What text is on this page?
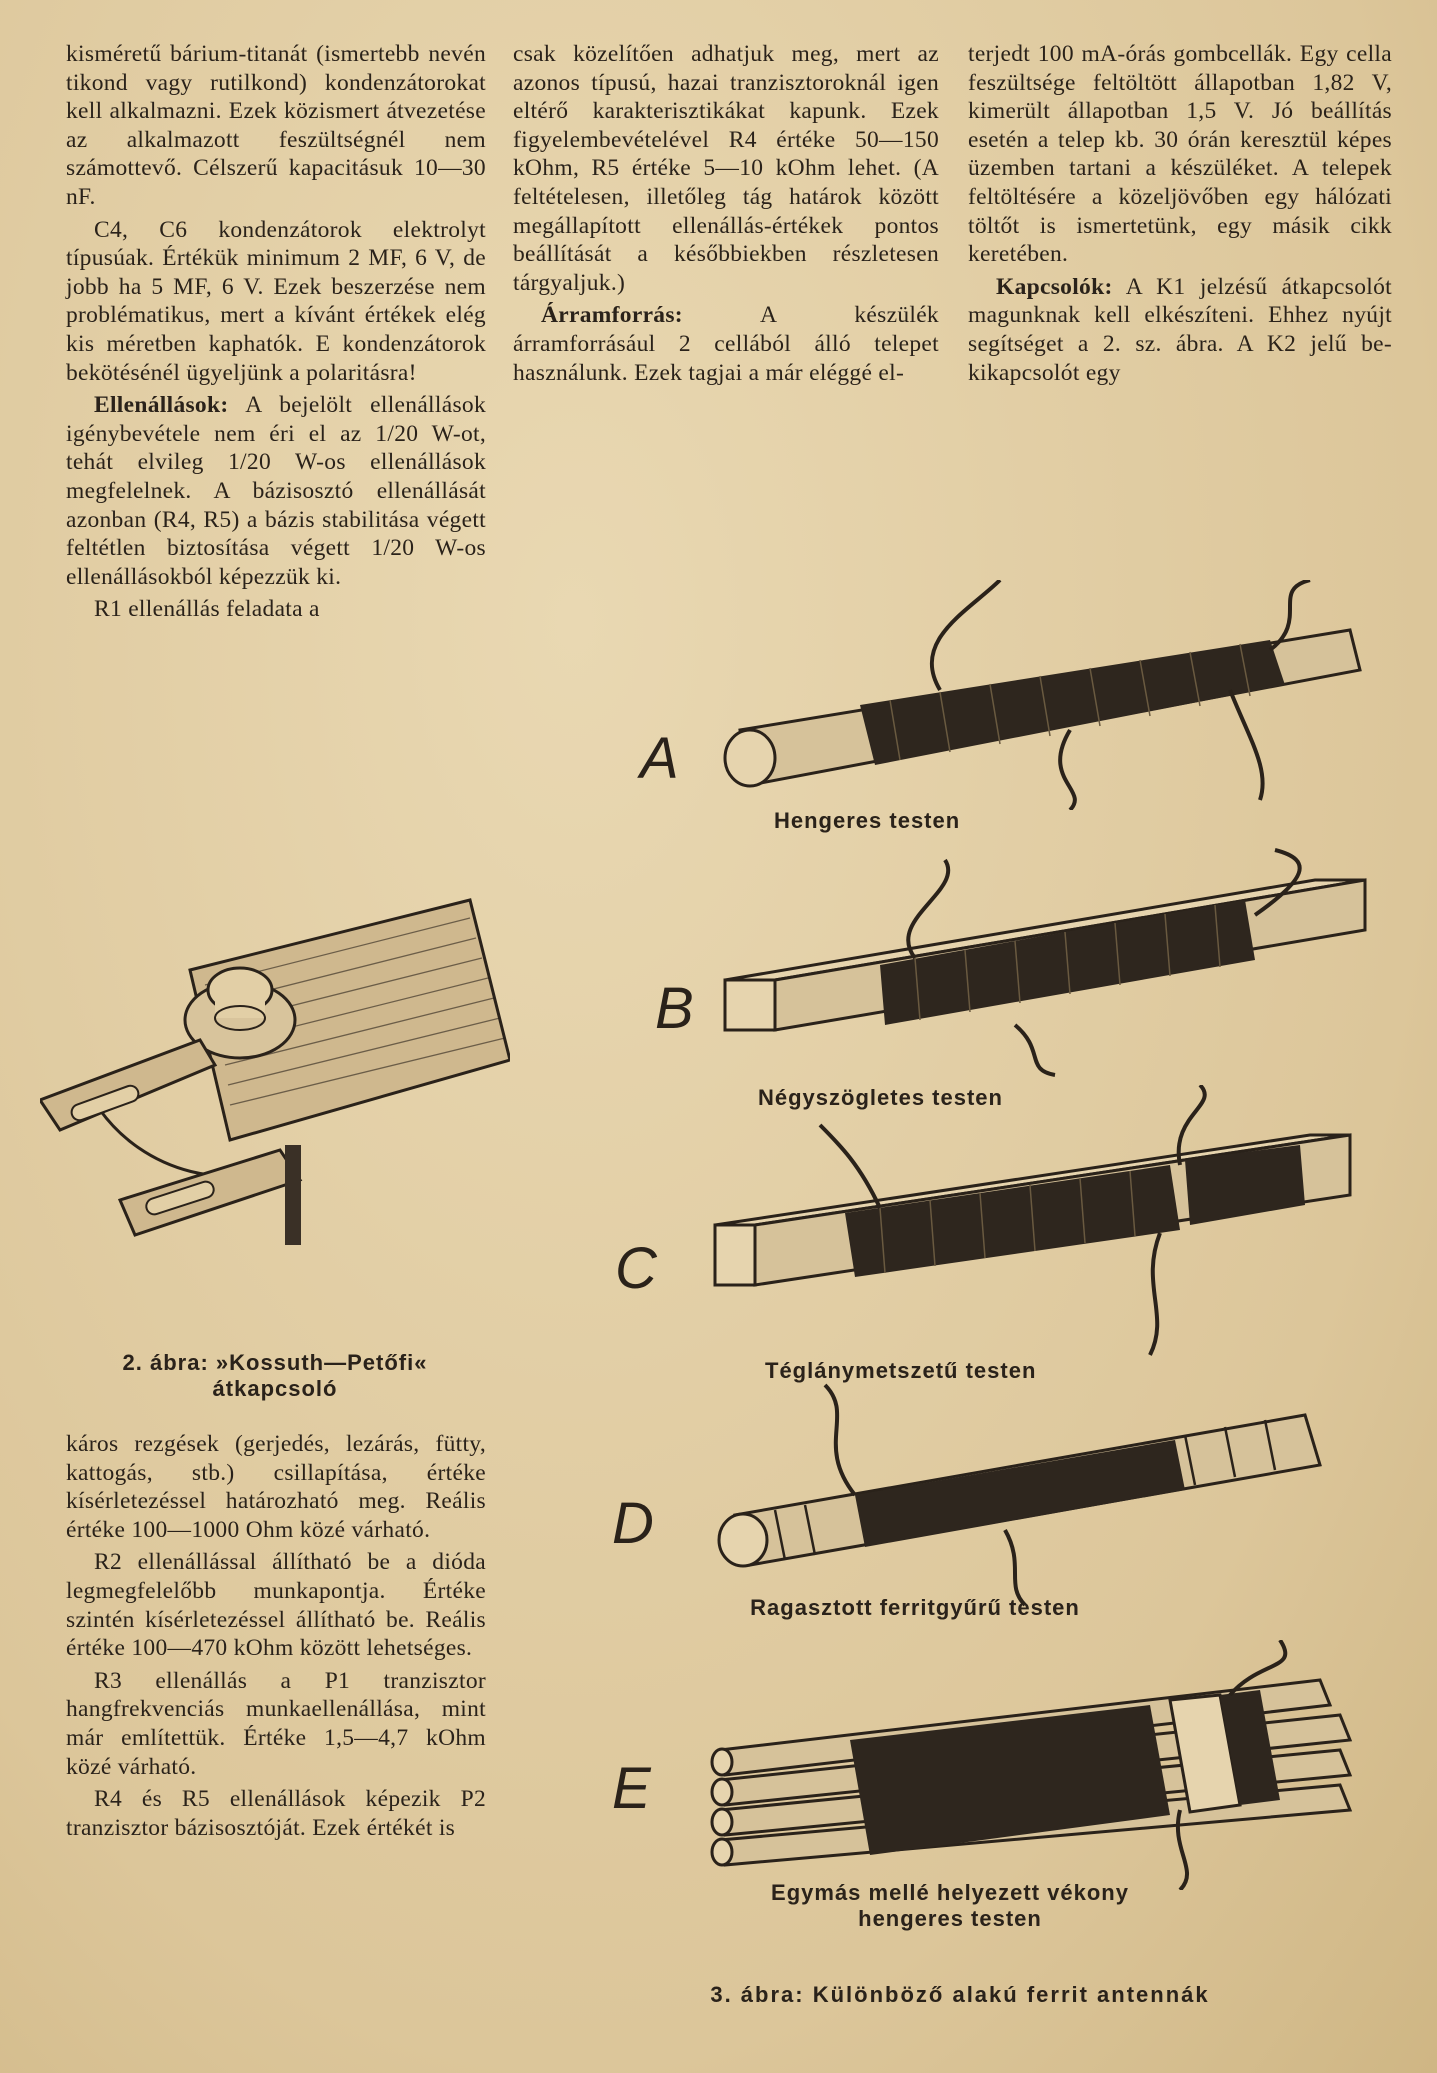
kisméretű bárium-titanát (ismertebb nevén tikond vagy rutilkond) kondenzátorokat kell alkalmazni. Ezek közismert átvezetése az alkalmazott feszültségnél nem számottevő. Célszerű kapacitásuk 10—30 nF.

C4, C6 kondenzátorok elektrolyt típusúak. Értékük minimum 2 MF, 6 V, de jobb ha 5 MF, 6 V. Ezek beszerzése nem problématikus, mert a kívánt értékek elég kis méretben kaphatók. E kondenzátorok bekötésénél ügyeljünk a polaritásra!

Ellenállások: A bejelölt ellenállások igénybevétele nem éri el az 1/20 W-ot, tehát elvileg 1/20 W-os ellenállások megfelelnek. A bázisosztó ellenállását azonban (R4, R5) a bázis stabilitása végett feltétlen biztosítása végett 1/20 W-os ellenállásokból képezzük ki.

R1 ellenállás feladata a

csak közelítően adhatjuk meg, mert az azonos típusú, hazai tranzisztoroknál igen eltérő karakterisztikákat kapunk. Ezek figyelembevételével R4 értéke 50—150 kOhm, R5 értéke 5—10 kOhm lehet. (A feltételesen, illetőleg tág határok között megállapított ellenállás-értékek pontos beállítását a későbbiekben részletesen tárgyaljuk.)

Árramforrás: A készülék árramforrásául 2 cellából álló telepet használunk. Ezek tagjai a már eléggé el-

terjedt 100 mA-órás gombcellák. Egy cella feszültsége feltöltött állapotban 1,82 V, kimerült állapotban 1,5 V. Jó beállítás esetén a telep kb. 30 órán keresztül képes üzemben tartani a készüléket. A telepek feltöltésére a közeljövőben egy hálózati töltőt is ismertetünk, egy másik cikk keretében.

Kapcsolók: A K1 jelzésű átkapcsolót magunknak kell elkészíteni. Ehhez nyújt segítséget a 2. sz. ábra. A K2 jelű be-kikapcsolót egy

2. ábra: »Kossuth—Petőfi«
átkapcsoló

káros rezgések (gerjedés, lezárás, fütty, kattogás, stb.) csillapítása, értéke kísérletezéssel határozható meg. Reális értéke 100—1000 Ohm közé várható.

R2 ellenállással állítható be a dióda legmegfelelőbb munkapontja. Értéke szintén kísérletezéssel állítható be. Reális értéke 100—470 kOhm között lehetséges.

R3 ellenállás a P1 tranzisztor hangfrekvenciás munkaellenállása, mint már említettük. Értéke 1,5—4,7 kOhm közé várható.

R4 és R5 ellenállások képezik P2 tranzisztor bázisosztóját. Ezek értékét is

A
Hengeres testen
B
Négyszögletes testen
C
Téglánymetszetű testen
D
Ragasztott ferritgyűrű testen
E
Egymás mellé helyezett vékony hengeres testen
3. ábra: Különböző alakú ferrit antennák
